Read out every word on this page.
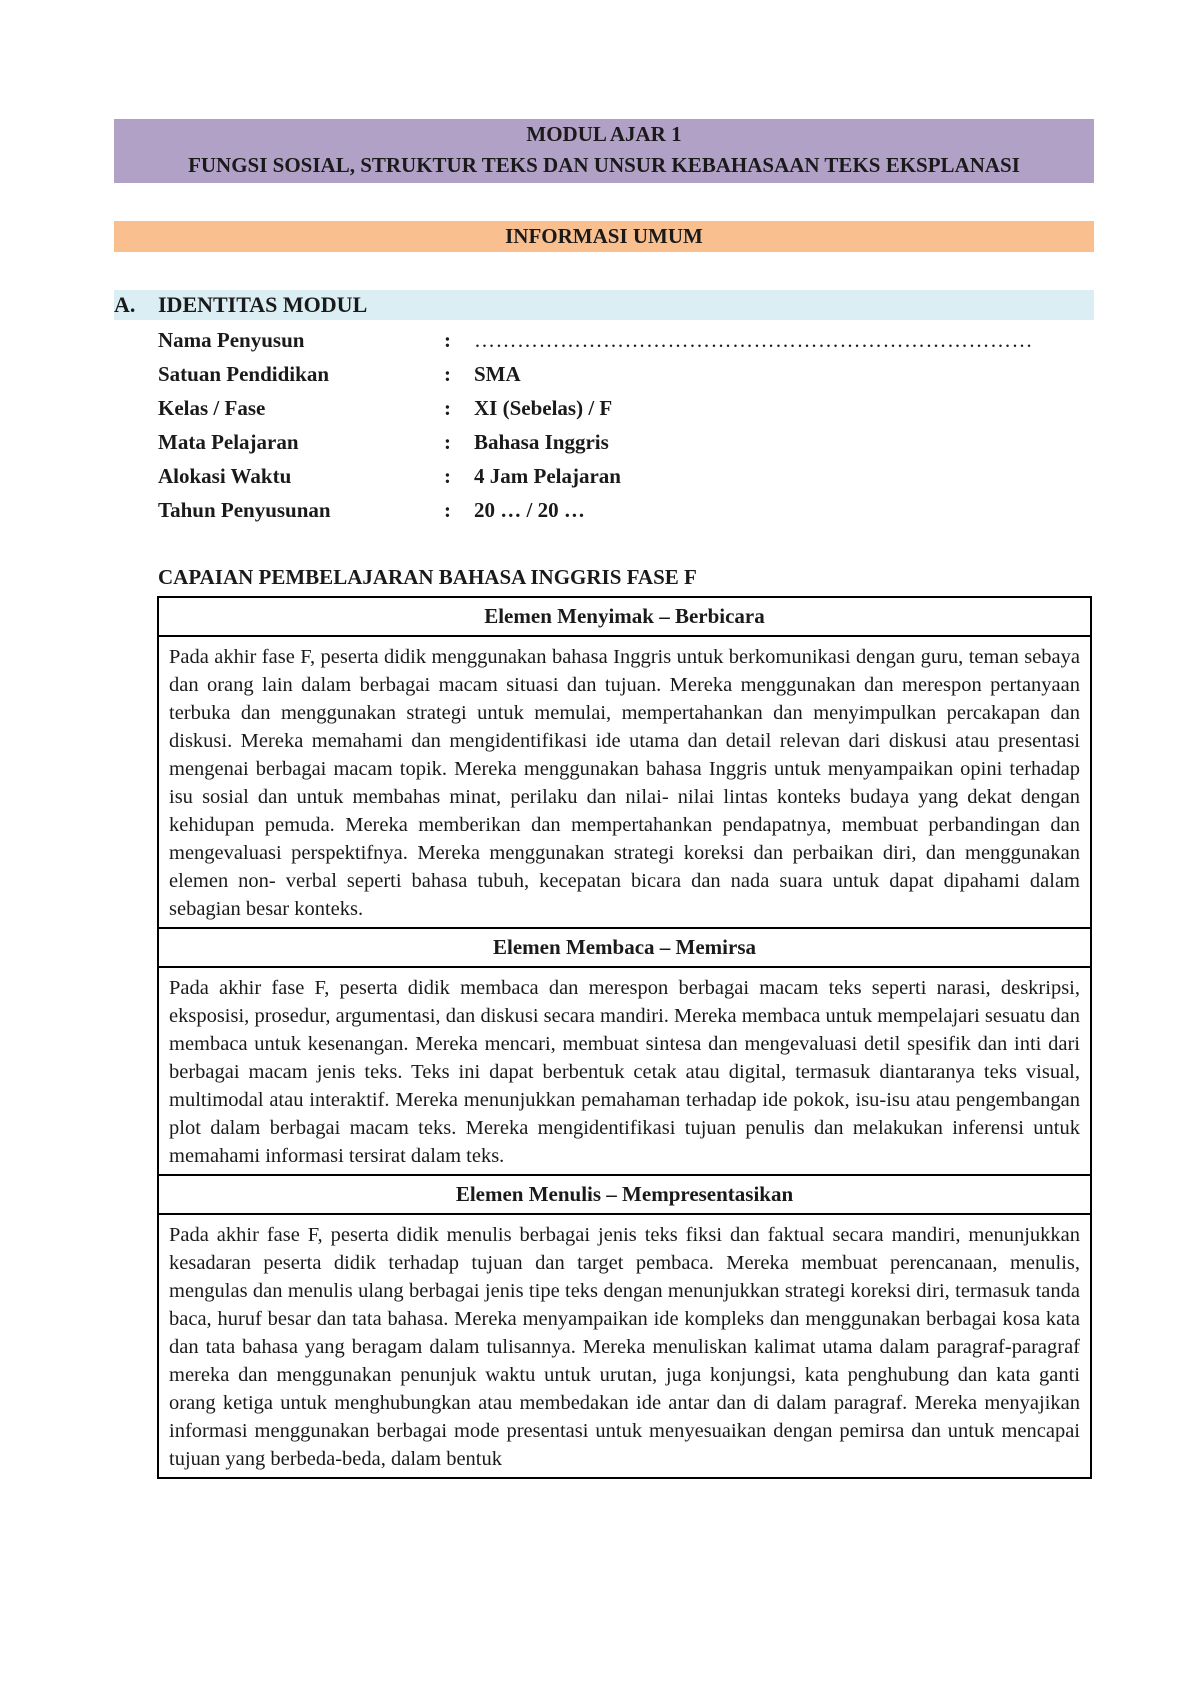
MODUL AJAR 1
FUNGSI SOSIAL, STRUKTUR TEKS DAN UNSUR KEBAHASAAN TEKS EKSPLANASI
INFORMASI UMUM
A. IDENTITAS MODUL
Nama Penyusun	: ……………………………………………………………………
Satuan Pendidikan	: SMA
Kelas / Fase	: XI (Sebelas) / F
Mata Pelajaran	: Bahasa Inggris
Alokasi Waktu	: 4 Jam Pelajaran
Tahun Penyusunan	: 20 … / 20 …
CAPAIAN PEMBELAJARAN BAHASA INGGRIS FASE F
Elemen Menyimak – Berbicara
Pada akhir fase F, peserta didik menggunakan bahasa Inggris untuk berkomunikasi dengan guru, teman sebaya dan orang lain dalam berbagai macam situasi dan tujuan. Mereka menggunakan dan merespon pertanyaan terbuka dan menggunakan strategi untuk memulai, mempertahankan dan menyimpulkan percakapan dan diskusi. Mereka memahami dan mengidentifikasi ide utama dan detail relevan dari diskusi atau presentasi mengenai berbagai macam topik. Mereka menggunakan bahasa Inggris untuk menyampaikan opini terhadap isu sosial dan untuk membahas minat, perilaku dan nilai- nilai lintas konteks budaya yang dekat dengan kehidupan pemuda. Mereka memberikan dan mempertahankan pendapatnya, membuat perbandingan dan mengevaluasi perspektifnya. Mereka menggunakan strategi koreksi dan perbaikan diri, dan menggunakan elemen non- verbal seperti bahasa tubuh, kecepatan bicara dan nada suara untuk dapat dipahami dalam sebagian besar konteks.
Elemen Membaca – Memirsa
Pada akhir fase F, peserta didik membaca dan merespon berbagai macam teks seperti narasi, deskripsi, eksposisi, prosedur, argumentasi, dan diskusi secara mandiri. Mereka membaca untuk mempelajari sesuatu dan membaca untuk kesenangan. Mereka mencari, membuat sintesa dan mengevaluasi detil spesifik dan inti dari berbagai macam jenis teks. Teks ini dapat berbentuk cetak atau digital, termasuk diantaranya teks visual, multimodal atau interaktif. Mereka menunjukkan pemahaman terhadap ide pokok, isu-isu atau pengembangan plot dalam berbagai macam teks. Mereka mengidentifikasi tujuan penulis dan melakukan inferensi untuk memahami informasi tersirat dalam teks.
Elemen Menulis – Mempresentasikan
Pada akhir fase F, peserta didik menulis berbagai jenis teks fiksi dan faktual secara mandiri, menunjukkan kesadaran peserta didik terhadap tujuan dan target pembaca. Mereka membuat perencanaan, menulis, mengulas dan menulis ulang berbagai jenis tipe teks dengan menunjukkan strategi koreksi diri, termasuk tanda baca, huruf besar dan tata bahasa. Mereka menyampaikan ide kompleks dan menggunakan berbagai kosa kata dan tata bahasa yang beragam dalam tulisannya. Mereka menuliskan kalimat utama dalam paragraf-paragraf mereka dan menggunakan penunjuk waktu untuk urutan, juga konjungsi, kata penghubung dan kata ganti orang ketiga untuk menghubungkan atau membedakan ide antar dan di dalam paragraf. Mereka menyajikan informasi menggunakan berbagai mode presentasi untuk menyesuaikan dengan pemirsa dan untuk mencapai tujuan yang berbeda-beda, dalam bentuk
